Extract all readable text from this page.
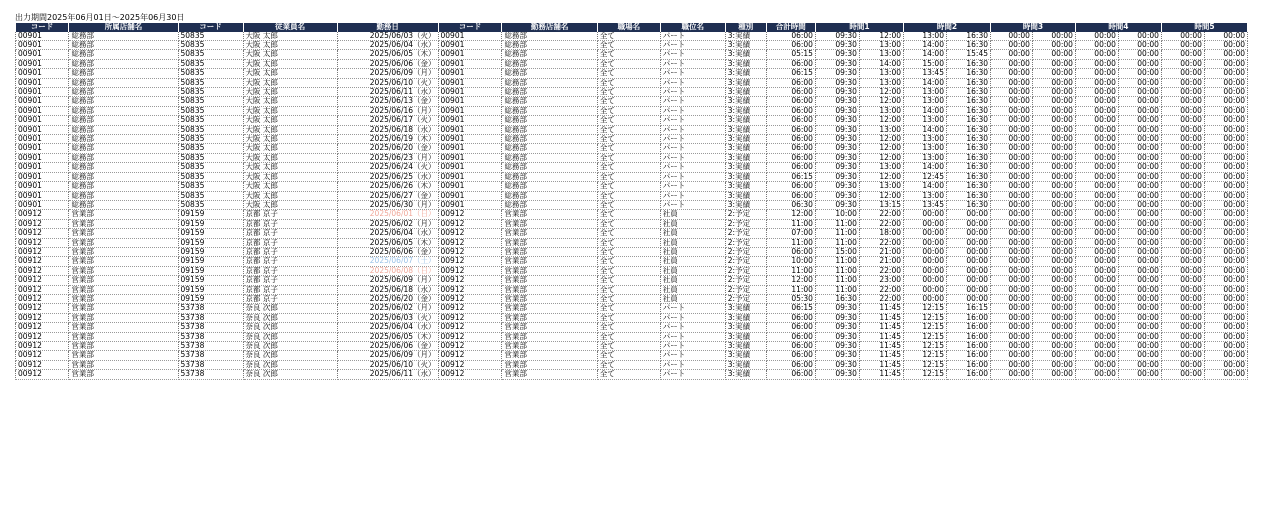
出力期間2025年06月01日～2025年06月30日
コード	所属店舗名	コード	従業員名	勤務日	コード	勤務店舗名	職場名	職位名	種別	合計時間	時間1		時間2		時間3		時間4		時間5	
00901	総務部	50835	大阪 太郎	2025/06/03（火）	00901	総務部	全て	パート	3:実績	06:00	09:30	12:00	13:00	16:30	00:00	00:00	00:00	00:00	00:00	00:00
00901	総務部	50835	大阪 太郎	2025/06/04（水）	00901	総務部	全て	パート	3:実績	06:00	09:30	13:00	14:00	16:30	00:00	00:00	00:00	00:00	00:00	00:00
00901	総務部	50835	大阪 太郎	2025/06/05（木）	00901	総務部	全て	パート	3:実績	05:15	09:30	13:00	14:00	15:45	00:00	00:00	00:00	00:00	00:00	00:00
00901	総務部	50835	大阪 太郎	2025/06/06（金）	00901	総務部	全て	パート	3:実績	06:00	09:30	14:00	15:00	16:30	00:00	00:00	00:00	00:00	00:00	00:00
00901	総務部	50835	大阪 太郎	2025/06/09（月）	00901	総務部	全て	パート	3:実績	06:15	09:30	13:00	13:45	16:30	00:00	00:00	00:00	00:00	00:00	00:00
00901	総務部	50835	大阪 太郎	2025/06/10（火）	00901	総務部	全て	パート	3:実績	06:00	09:30	13:00	14:00	16:30	00:00	00:00	00:00	00:00	00:00	00:00
00901	総務部	50835	大阪 太郎	2025/06/11（水）	00901	総務部	全て	パート	3:実績	06:00	09:30	12:00	13:00	16:30	00:00	00:00	00:00	00:00	00:00	00:00
00901	総務部	50835	大阪 太郎	2025/06/13（金）	00901	総務部	全て	パート	3:実績	06:00	09:30	12:00	13:00	16:30	00:00	00:00	00:00	00:00	00:00	00:00
00901	総務部	50835	大阪 太郎	2025/06/16（月）	00901	総務部	全て	パート	3:実績	06:00	09:30	13:00	14:00	16:30	00:00	00:00	00:00	00:00	00:00	00:00
00901	総務部	50835	大阪 太郎	2025/06/17（火）	00901	総務部	全て	パート	3:実績	06:00	09:30	12:00	13:00	16:30	00:00	00:00	00:00	00:00	00:00	00:00
00901	総務部	50835	大阪 太郎	2025/06/18（水）	00901	総務部	全て	パート	3:実績	06:00	09:30	13:00	14:00	16:30	00:00	00:00	00:00	00:00	00:00	00:00
00901	総務部	50835	大阪 太郎	2025/06/19（木）	00901	総務部	全て	パート	3:実績	06:00	09:30	12:00	13:00	16:30	00:00	00:00	00:00	00:00	00:00	00:00
00901	総務部	50835	大阪 太郎	2025/06/20（金）	00901	総務部	全て	パート	3:実績	06:00	09:30	12:00	13:00	16:30	00:00	00:00	00:00	00:00	00:00	00:00
00901	総務部	50835	大阪 太郎	2025/06/23（月）	00901	総務部	全て	パート	3:実績	06:00	09:30	12:00	13:00	16:30	00:00	00:00	00:00	00:00	00:00	00:00
00901	総務部	50835	大阪 太郎	2025/06/24（火）	00901	総務部	全て	パート	3:実績	06:00	09:30	13:00	14:00	16:30	00:00	00:00	00:00	00:00	00:00	00:00
00901	総務部	50835	大阪 太郎	2025/06/25（水）	00901	総務部	全て	パート	3:実績	06:15	09:30	12:00	12:45	16:30	00:00	00:00	00:00	00:00	00:00	00:00
00901	総務部	50835	大阪 太郎	2025/06/26（木）	00901	総務部	全て	パート	3:実績	06:00	09:30	13:00	14:00	16:30	00:00	00:00	00:00	00:00	00:00	00:00
00901	総務部	50835	大阪 太郎	2025/06/27（金）	00901	総務部	全て	パート	3:実績	06:00	09:30	12:00	13:00	16:30	00:00	00:00	00:00	00:00	00:00	00:00
00901	総務部	50835	大阪 太郎	2025/06/30（月）	00901	総務部	全て	パート	3:実績	06:30	09:30	13:15	13:45	16:30	00:00	00:00	00:00	00:00	00:00	00:00
00912	営業部	09159	京都 京子	2025/06/01（日）	00912	営業部	全て	社員	2:予定	12:00	10:00	22:00	00:00	00:00	00:00	00:00	00:00	00:00	00:00	00:00
00912	営業部	09159	京都 京子	2025/06/02（月）	00912	営業部	全て	社員	2:予定	11:00	11:00	22:00	00:00	00:00	00:00	00:00	00:00	00:00	00:00	00:00
00912	営業部	09159	京都 京子	2025/06/04（水）	00912	営業部	全て	社員	2:予定	07:00	11:00	18:00	00:00	00:00	00:00	00:00	00:00	00:00	00:00	00:00
00912	営業部	09159	京都 京子	2025/06/05（木）	00912	営業部	全て	社員	2:予定	11:00	11:00	22:00	00:00	00:00	00:00	00:00	00:00	00:00	00:00	00:00
00912	営業部	09159	京都 京子	2025/06/06（金）	00912	営業部	全て	社員	2:予定	06:00	15:00	21:00	00:00	00:00	00:00	00:00	00:00	00:00	00:00	00:00
00912	営業部	09159	京都 京子	2025/06/07（土）	00912	営業部	全て	社員	2:予定	10:00	11:00	21:00	00:00	00:00	00:00	00:00	00:00	00:00	00:00	00:00
00912	営業部	09159	京都 京子	2025/06/08（日）	00912	営業部	全て	社員	2:予定	11:00	11:00	22:00	00:00	00:00	00:00	00:00	00:00	00:00	00:00	00:00
00912	営業部	09159	京都 京子	2025/06/09（月）	00912	営業部	全て	社員	2:予定	12:00	11:00	23:00	00:00	00:00	00:00	00:00	00:00	00:00	00:00	00:00
00912	営業部	09159	京都 京子	2025/06/18（水）	00912	営業部	全て	社員	2:予定	11:00	11:00	22:00	00:00	00:00	00:00	00:00	00:00	00:00	00:00	00:00
00912	営業部	09159	京都 京子	2025/06/20（金）	00912	営業部	全て	社員	2:予定	05:30	16:30	22:00	00:00	00:00	00:00	00:00	00:00	00:00	00:00	00:00
00912	営業部	53738	奈良 次郎	2025/06/02（月）	00912	営業部	全て	パート	3:実績	06:15	09:30	11:45	12:15	16:15	00:00	00:00	00:00	00:00	00:00	00:00
00912	営業部	53738	奈良 次郎	2025/06/03（火）	00912	営業部	全て	パート	3:実績	06:00	09:30	11:45	12:15	16:00	00:00	00:00	00:00	00:00	00:00	00:00
00912	営業部	53738	奈良 次郎	2025/06/04（水）	00912	営業部	全て	パート	3:実績	06:00	09:30	11:45	12:15	16:00	00:00	00:00	00:00	00:00	00:00	00:00
00912	営業部	53738	奈良 次郎	2025/06/05（木）	00912	営業部	全て	パート	3:実績	06:00	09:30	11:45	12:15	16:00	00:00	00:00	00:00	00:00	00:00	00:00
00912	営業部	53738	奈良 次郎	2025/06/06（金）	00912	営業部	全て	パート	3:実績	06:00	09:30	11:45	12:15	16:00	00:00	00:00	00:00	00:00	00:00	00:00
00912	営業部	53738	奈良 次郎	2025/06/09（月）	00912	営業部	全て	パート	3:実績	06:00	09:30	11:45	12:15	16:00	00:00	00:00	00:00	00:00	00:00	00:00
00912	営業部	53738	奈良 次郎	2025/06/10（火）	00912	営業部	全て	パート	3:実績	06:00	09:30	11:45	12:15	16:00	00:00	00:00	00:00	00:00	00:00	00:00
00912	営業部	53738	奈良 次郎	2025/06/11（水）	00912	営業部	全て	パート	3:実績	06:00	09:30	11:45	12:15	16:00	00:00	00:00	00:00	00:00	00:00	00:00
